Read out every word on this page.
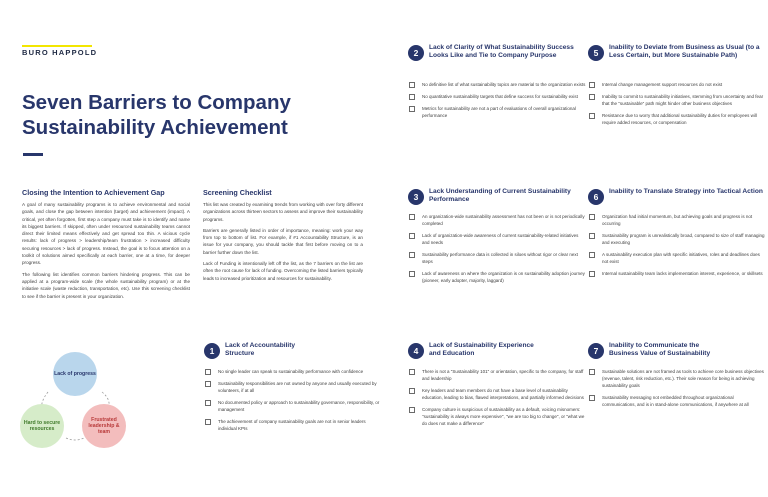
BURO HAPPOLD
Seven Barriers to Company Sustainability Achievement
Closing the Intention to Achievement Gap

A goal of many sustainability programs is to achieve environmental and social goals, and close the gap between intention (target) and achievement (impact). A critical, yet often forgotten, first step a company must take is to identify and name its biggest barriers. If skipped, often under resourced sustainability teams cannot direct their limited means effectively and get spread too thin. A vicious cycle results: lack of progress > leadership/team frustration > increased difficulty securing resources > lack of progress. Instead, the goal is to focus attention on a toolkit of solutions aimed specifically at each barrier, one at a time, for deeper progress.

The following list identifies common barriers hindering progress. This can be applied at a program-wide scale (the whole sustainability program) or at the initiative scale (waste reduction, transportation, etc). Use this screening checklist to see if the barrier is present in your organization.

Screening Checklist

This list was created by examining trends from working with over forty different organizations across thirteen sectors to assess and improve their sustainability programs.

Barriers are generally listed in order of importance, meaning: work your way from top to bottom of list. For example, if #1 Accountability Structure, is an issue for your company, you should tackle that first before moving on to a barrier further down the list.

Lack of Funding is intentionally left off the list, as the 7 barriers on the list are often the root cause for lack of funding. Overcoming the listed barriers typically leads to increased prioritization and resources for sustainability.

Lack of progress
Hard to secure resources
Frustrated leadership & team
2
Lack of Clarity of What Sustainability Success Looks Like and Tie to Company Purpose
No definitive list of what sustainability topics are material to the organization exists
No quantitative sustainability targets that define success for sustainability exist
Metrics for sustainability are not a part of evaluations of overall organizational performance
5
Inability to Deviate from Business as Usual (to a Less Certain, but More Sustainable Path)
Internal change management support resources do not exist
Inability to commit to sustainability initiatives, stemming from uncertainty and fear that the "sustainable" path might hinder other business objectives
Resistance due to worry that additional sustainability duties for employees will require added resources, or compensation
3
Lack Understanding of Current Sustainability Performance
An organization-wide sustainability assessment has not been or is not periodically completed
Lack of organization-wide awareness of current sustainability-related initiatives and needs
Sustainability performance data is collected in siloes without rigor or clear next steps
Lack of awareness on where the organization is on sustainability adoption journey (pioneer, early adopter, majority, laggard)
6
Inability to Translate Strategy into Tactical Action
Organization had initial momentum, but achieving goals and progress is not occurring
Sustainability program is unrealistically broad, compared to size of staff managing and executing
A sustainability execution plan with specific initiatives, roles and deadlines does not exist
Internal sustainability team lacks implementation interest, experience, or skillsets
1
Lack of Accountability Structure
No single leader can speak to sustainability performance with confidence
Sustainability responsibilities are not owned by anyone and usually executed by volunteers, if at all
No documented policy or approach to sustainability governance, responsibility, or management
The achievement of company sustainability goals are not in senior leaders individual KPIs
4
Lack of Sustainability Experience and Education
There is not a "Sustainability 101" or orientation, specific to the company, for staff and leadership
Key leaders and team members do not have a base level of sustainability education, leading to bias, flawed interpretations, and partially informed decisions
Company culture is suspicious of sustainability as a default, voicing misnomers: "sustainability is always more expensive", "we are too big to change", or "what we do does not make a difference"
7
Inability to Communicate the Business Value of Sustainability
Sustainable solutions are not framed as tools to achieve core business objectives (revenue, talent, risk reduction, etc.). Their sole reason for being is achieving sustainability goals
Sustainability messaging not embedded throughout organizational communications, and is in stand-alone communications, if anywhere at all
